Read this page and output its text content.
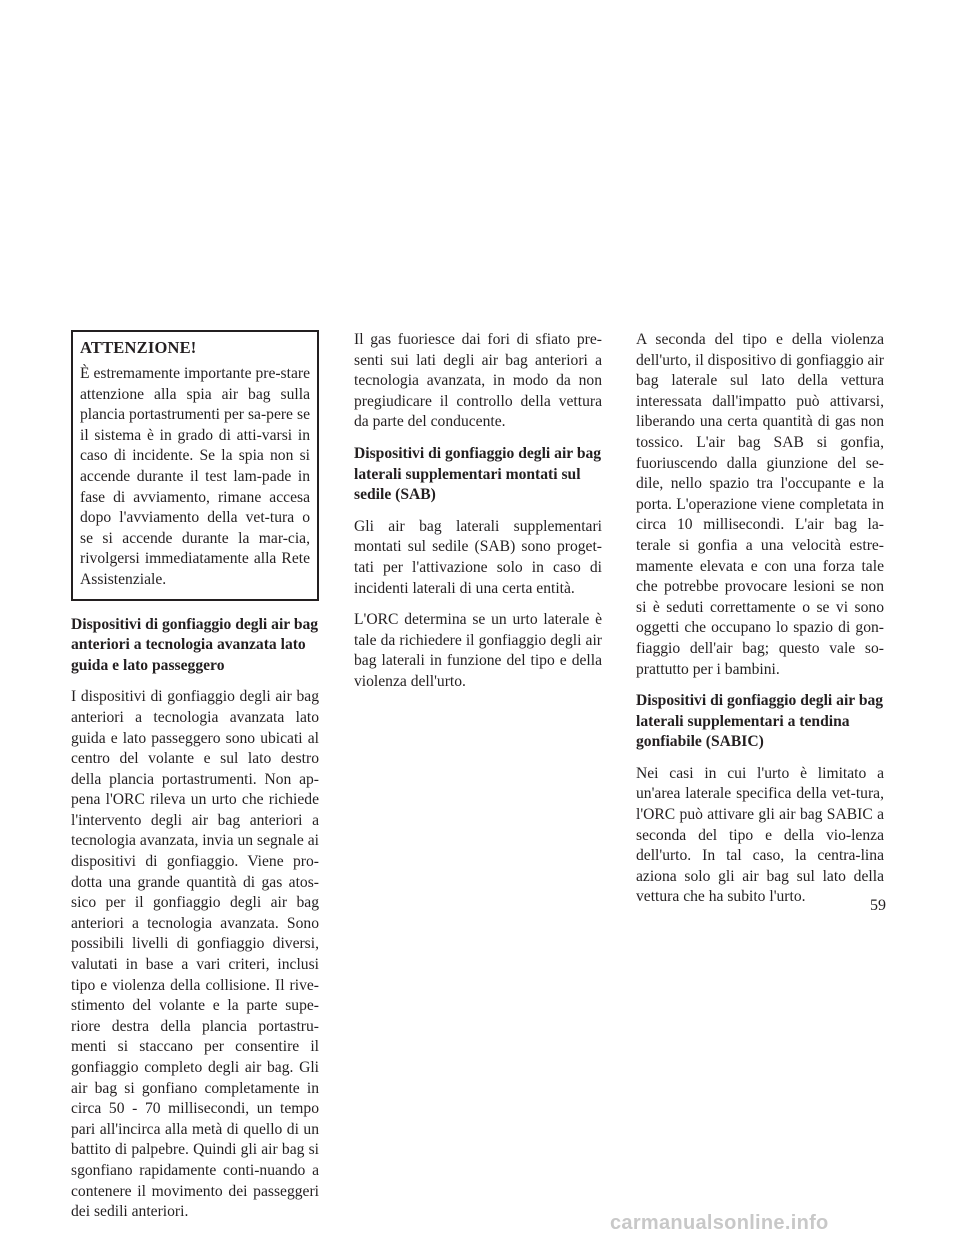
ATTENZIONE!

È estremamente importante pre-stare attenzione alla spia air bag sulla plancia portastrumenti per sa-pere se il sistema è in grado di atti-varsi in caso di incidente. Se la spia non si accende durante il test lam-pade in fase di avviamento, rimane accesa dopo l'avviamento della vet-tura o se si accende durante la mar-cia, rivolgersi immediatamente alla Rete Assistenziale.

Dispositivi di gonfiaggio degli air bag anteriori a tecnologia avanzata lato guida e lato passeggero

I dispositivi di gonfiaggio degli air bag anteriori a tecnologia avanzata lato guida e lato passeggero sono ubicati al centro del volante e sul lato destro della plancia portastrumenti. Non ap-pena l'ORC rileva un urto che richiede l'intervento degli air bag anteriori a tecnologia avanzata, invia un segnale ai dispositivi di gonfiaggio. Viene pro-dotta una grande quantità di gas atos-sico per il gonfiaggio degli air bag anteriori a tecnologia avanzata. Sono possibili livelli di gonfiaggio diversi, valutati in base a vari criteri, inclusi tipo e violenza della collisione. Il rive-stimento del volante e la parte supe-riore destra della plancia portastru-menti si staccano per consentire il gonfiaggio completo degli air bag. Gli air bag si gonfiano completamente in circa 50 - 70 millisecondi, un tempo pari all'incirca alla metà di quello di un battito di palpebre. Quindi gli air bag si sgonfiano rapidamente conti-nuando a contenere il movimento dei passeggeri dei sedili anteriori.

Il gas fuoriesce dai fori di sfiato pre-senti sui lati degli air bag anteriori a tecnologia avanzata, in modo da non pregiudicare il controllo della vettura da parte del conducente.

Dispositivi di gonfiaggio degli air bag laterali supplementari montati sul sedile (SAB)

Gli air bag laterali supplementari montati sul sedile (SAB) sono proget-tati per l'attivazione solo in caso di incidenti laterali di una certa entità.

L'ORC determina se un urto laterale è tale da richiedere il gonfiaggio degli air bag laterali in funzione del tipo e della violenza dell'urto.

A seconda del tipo e della violenza dell'urto, il dispositivo di gonfiaggio air bag laterale sul lato della vettura interessata dall'impatto può attivarsi, liberando una certa quantità di gas non tossico. L'air bag SAB si gonfia, fuoriuscendo dalla giunzione del se-dile, nello spazio tra l'occupante e la porta. L'operazione viene completata in circa 10 millisecondi. L'air bag la-terale si gonfia a una velocità estre-mamente elevata e con una forza tale che potrebbe provocare lesioni se non si è seduti correttamente o se vi sono oggetti che occupano lo spazio di gon-fiaggio dell'air bag; questo vale so-prattutto per i bambini.

Dispositivi di gonfiaggio degli air bag laterali supplementari a tendina gonfiabile (SABIC)

Nei casi in cui l'urto è limitato a un'area laterale specifica della vet-tura, l'ORC può attivare gli air bag SABIC a seconda del tipo e della vio-lenza dell'urto. In tal caso, la centra-lina aziona solo gli air bag sul lato della vettura che ha subito l'urto.

59
carmanualsonline.info
